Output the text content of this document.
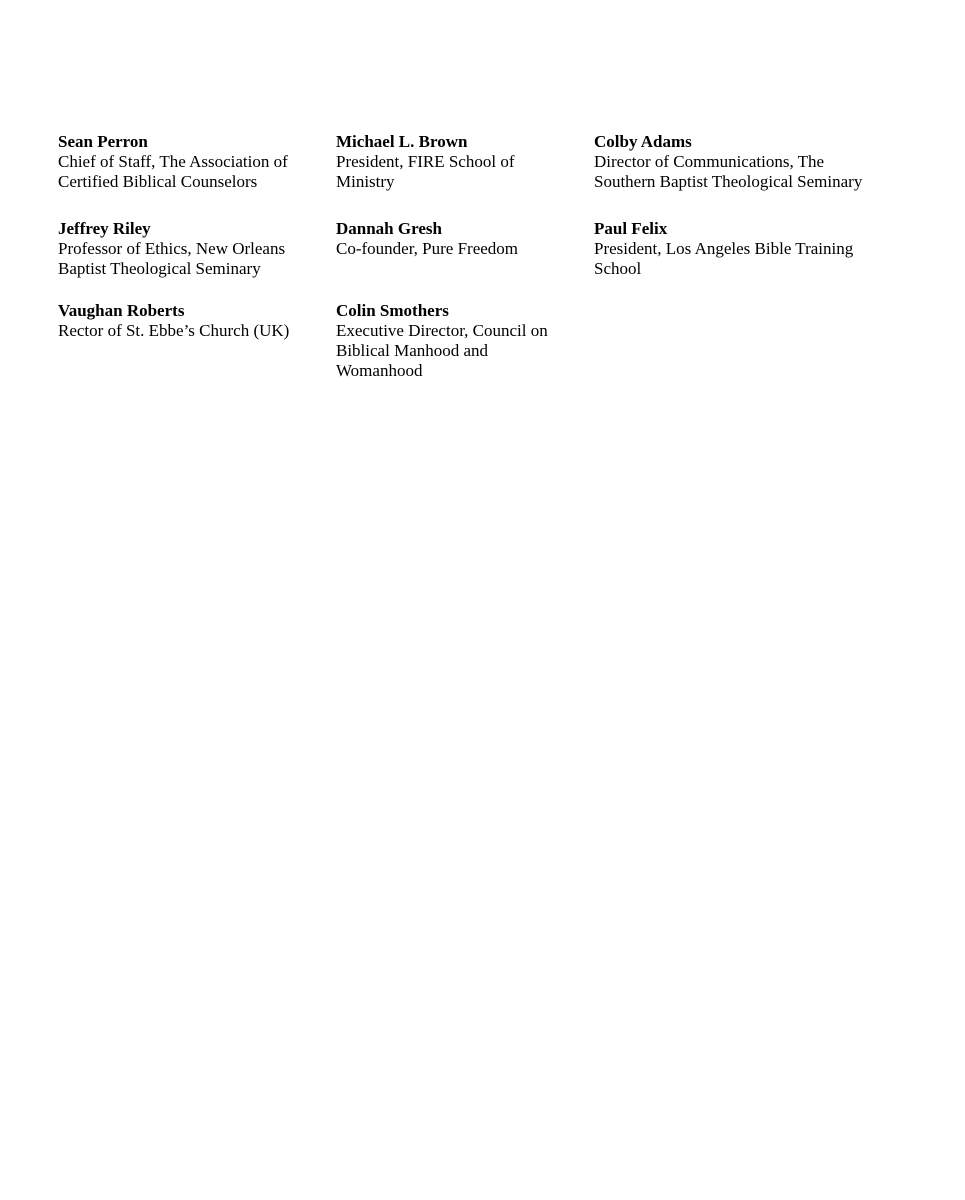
Sean Perron
Chief of Staff, The Association of
Certified Biblical Counselors
Michael L. Brown
President, FIRE School of
Ministry
Colby Adams
Director of Communications, The
Southern Baptist Theological Seminary
Jeffrey Riley
Professor of Ethics, New Orleans
Baptist Theological Seminary
Dannah Gresh
Co-founder, Pure Freedom
Paul Felix
President, Los Angeles Bible Training
School
Vaughan Roberts
Rector of St. Ebbe’s Church (UK)
Colin Smothers
Executive Director, Council on
Biblical Manhood and
Womanhood
